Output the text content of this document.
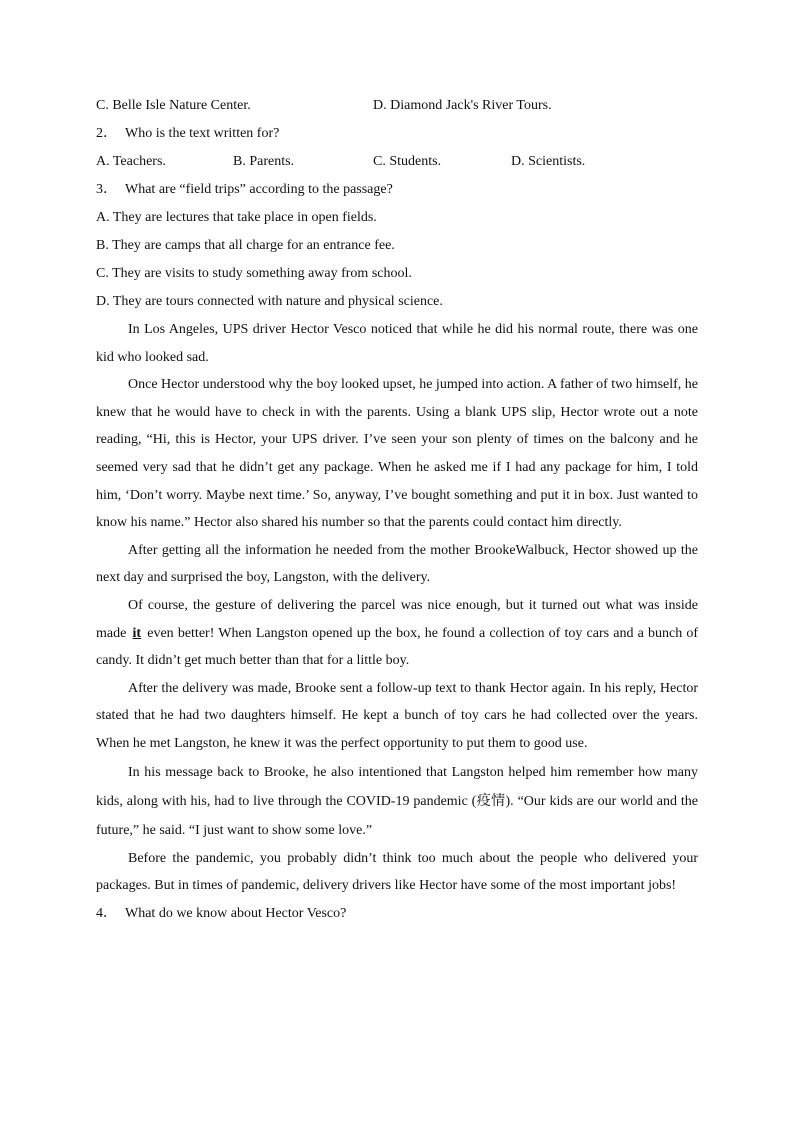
C. Belle Isle Nature Center.	D. Diamond Jack's River Tours.
2． Who is the text written for?
A. Teachers.	B. Parents.	C. Students.	D. Scientists.
3． What are “field trips” according to the passage?
A. They are lectures that take place in open fields.
B. They are camps that all charge for an entrance fee.
C. They are visits to study something away from school.
D. They are tours connected with nature and physical science.

In Los Angeles, UPS driver Hector Vesco noticed that while he did his normal route, there was one kid who looked sad.

Once Hector understood why the boy looked upset, he jumped into action. A father of two himself, he knew that he would have to check in with the parents. Using a blank UPS slip, Hector wrote out a note reading, “Hi, this is Hector, your UPS driver. I’ve seen your son plenty of times on the balcony and he seemed very sad that he didn’t get any package. When he asked me if I had any package for him, I told him, ‘Don’t worry. Maybe next time.’ So, anyway, I’ve bought something and put it in box. Just wanted to know his name.” Hector also shared his number so that the parents could contact him directly.

After getting all the information he needed from the mother BrookeWalbuck, Hector showed up the next day and surprised the boy, Langston, with the delivery.

Of course, the gesture of delivering the parcel was nice enough, but it turned out what was inside made it even better! When Langston opened up the box, he found a collection of toy cars and a bunch of candy. It didn’t get much better than that for a little boy.

After the delivery was made, Brooke sent a follow-up text to thank Hector again. In his reply, Hector stated that he had two daughters himself. He kept a bunch of toy cars he had collected over the years. When he met Langston, he knew it was the perfect opportunity to put them to good use.

In his message back to Brooke, he also intentioned that Langston helped him remember how many kids, along with his, had to live through the COVID-19 pandemic (疫情). “Our kids are our world and the future,” he said. “I just want to show some love.”

Before the pandemic, you probably didn’t think too much about the people who delivered your packages. But in times of pandemic, delivery drivers like Hector have some of the most important jobs!

4． What do we know about Hector Vesco?
